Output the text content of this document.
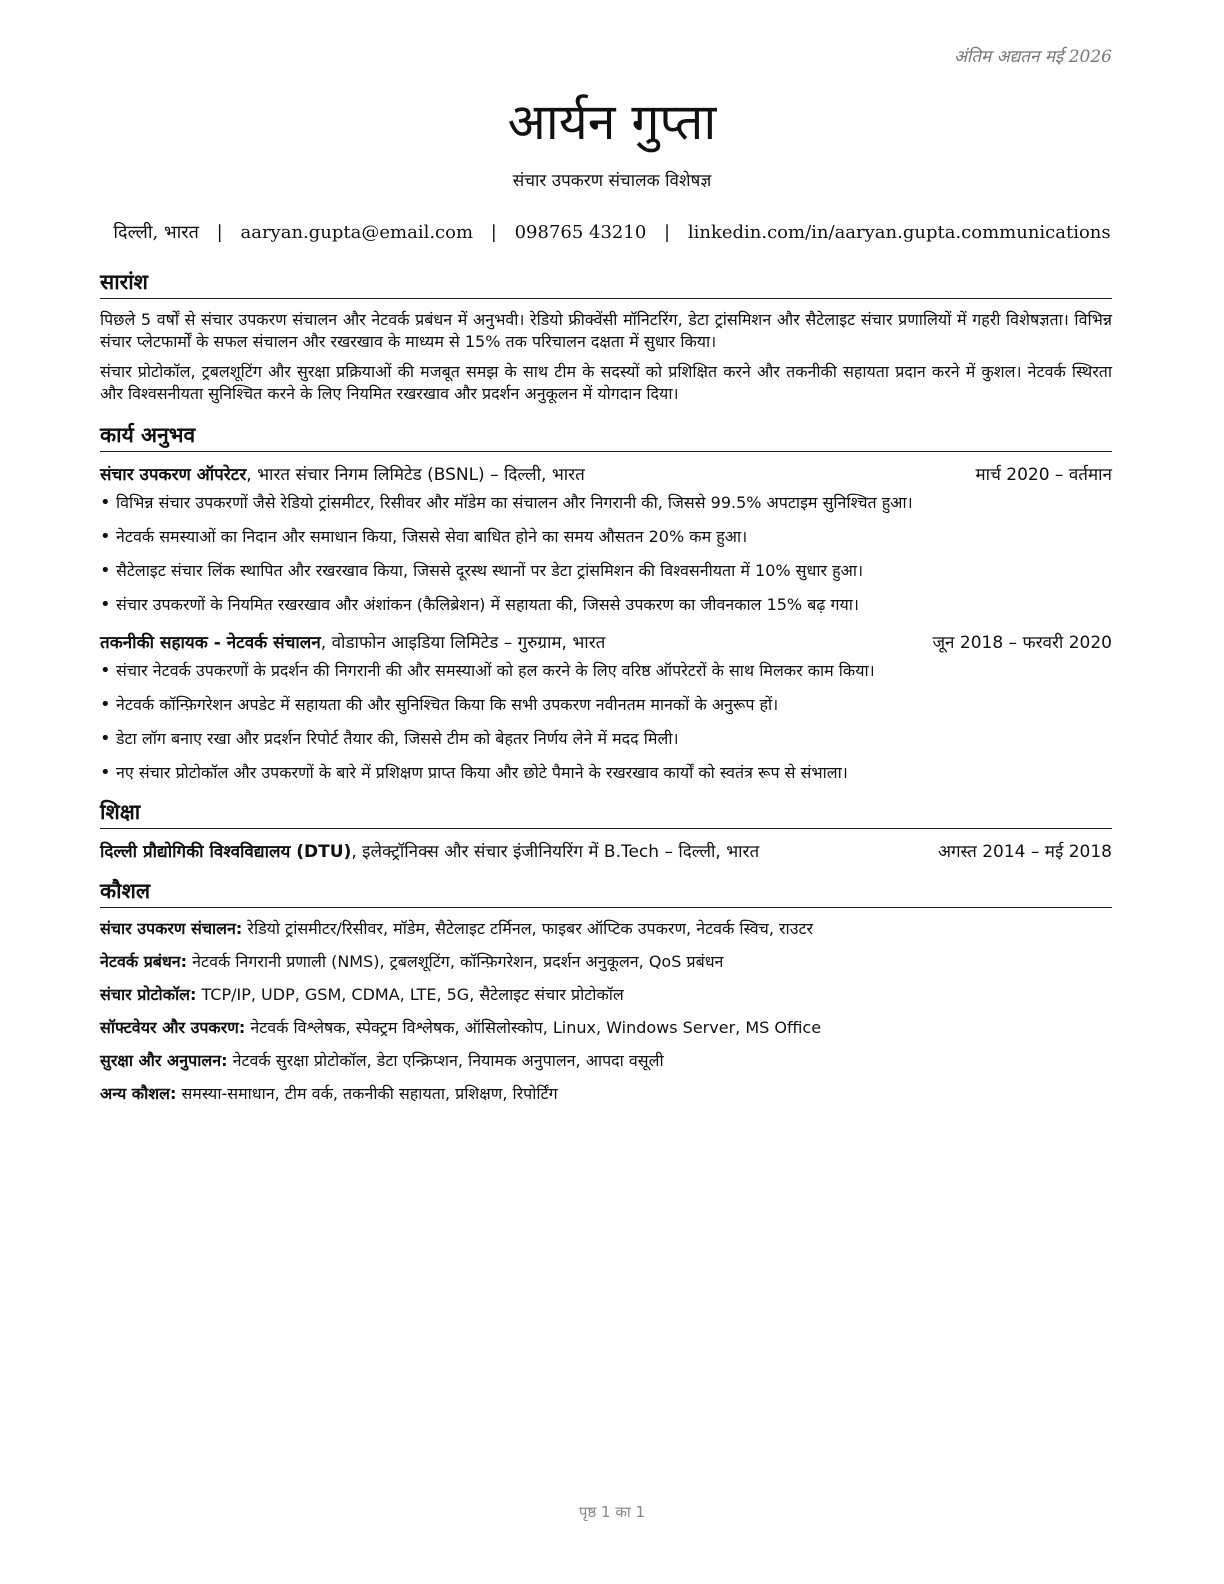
अंतिम अद्यतन मई 2026
आर्यन गुप्ता
संचार उपकरण संचालक विशेषज्ञ
दिल्ली, भारत | aaryan.gupta@email.com | 098765 43210 | linkedin.com/in/aaryan.gupta.communications
सारांश

पिछले 5 वर्षों से संचार उपकरण संचालन और नेटवर्क प्रबंधन में अनुभवी। रेडियो फ्रीक्वेंसी मॉनिटरिंग, डेटा ट्रांसमिशन और सैटेलाइट संचार प्रणालियों में गहरी विशेषज्ञता। विभिन्न संचार प्लेटफार्मों के सफल संचालन और रखरखाव के माध्यम से 15% तक परिचालन दक्षता में सुधार किया।

संचार प्रोटोकॉल, ट्रबलशूटिंग और सुरक्षा प्रक्रियाओं की मजबूत समझ के साथ टीम के सदस्यों को प्रशिक्षित करने और तकनीकी सहायता प्रदान करने में कुशल। नेटवर्क स्थिरता और विश्वसनीयता सुनिश्चित करने के लिए नियमित रखरखाव और प्रदर्शन अनुकूलन में योगदान दिया।

कार्य अनुभव
संचार उपकरण ऑपरेटर, भारत संचार निगम लिमिटेड (BSNL) – दिल्ली, भारत	मार्च 2020 – वर्तमान
• विभिन्न संचार उपकरणों जैसे रेडियो ट्रांसमीटर, रिसीवर और मॉडेम का संचालन और निगरानी की, जिससे 99.5% अपटाइम सुनिश्चित हुआ।
• नेटवर्क समस्याओं का निदान और समाधान किया, जिससे सेवा बाधित होने का समय औसतन 20% कम हुआ।
• सैटेलाइट संचार लिंक स्थापित और रखरखाव किया, जिससे दूरस्थ स्थानों पर डेटा ट्रांसमिशन की विश्वसनीयता में 10% सुधार हुआ।
• संचार उपकरणों के नियमित रखरखाव और अंशांकन (कैलिब्रेशन) में सहायता की, जिससे उपकरण का जीवनकाल 15% बढ़ गया।
तकनीकी सहायक - नेटवर्क संचालन, वोडाफोन आइडिया लिमिटेड – गुरुग्राम, भारत	जून 2018 – फरवरी 2020
• संचार नेटवर्क उपकरणों के प्रदर्शन की निगरानी की और समस्याओं को हल करने के लिए वरिष्ठ ऑपरेटरों के साथ मिलकर काम किया।
• नेटवर्क कॉन्फ़िगरेशन अपडेट में सहायता की और सुनिश्चित किया कि सभी उपकरण नवीनतम मानकों के अनुरूप हों।
• डेटा लॉग बनाए रखा और प्रदर्शन रिपोर्ट तैयार की, जिससे टीम को बेहतर निर्णय लेने में मदद मिली।
• नए संचार प्रोटोकॉल और उपकरणों के बारे में प्रशिक्षण प्राप्त किया और छोटे पैमाने के रखरखाव कार्यों को स्वतंत्र रूप से संभाला।
शिक्षा
दिल्ली प्रौद्योगिकी विश्वविद्यालय (DTU), इलेक्ट्रॉनिक्स और संचार इंजीनियरिंग में B.Tech – दिल्ली, भारत	अगस्त 2014 – मई 2018
कौशल
संचार उपकरण संचालन: रेडियो ट्रांसमीटर/रिसीवर, मॉडेम, सैटेलाइट टर्मिनल, फाइबर ऑप्टिक उपकरण, नेटवर्क स्विच, राउटर
नेटवर्क प्रबंधन: नेटवर्क निगरानी प्रणाली (NMS), ट्रबलशूटिंग, कॉन्फ़िगरेशन, प्रदर्शन अनुकूलन, QoS प्रबंधन
संचार प्रोटोकॉल: TCP/IP, UDP, GSM, CDMA, LTE, 5G, सैटेलाइट संचार प्रोटोकॉल
सॉफ्टवेयर और उपकरण: नेटवर्क विश्लेषक, स्पेक्ट्रम विश्लेषक, ऑसिलोस्कोप, Linux, Windows Server, MS Office
सुरक्षा और अनुपालन: नेटवर्क सुरक्षा प्रोटोकॉल, डेटा एन्क्रिप्शन, नियामक अनुपालन, आपदा वसूली
अन्य कौशल: समस्या-समाधान, टीम वर्क, तकनीकी सहायता, प्रशिक्षण, रिपोर्टिंग
पृष्ठ 1 का 1
